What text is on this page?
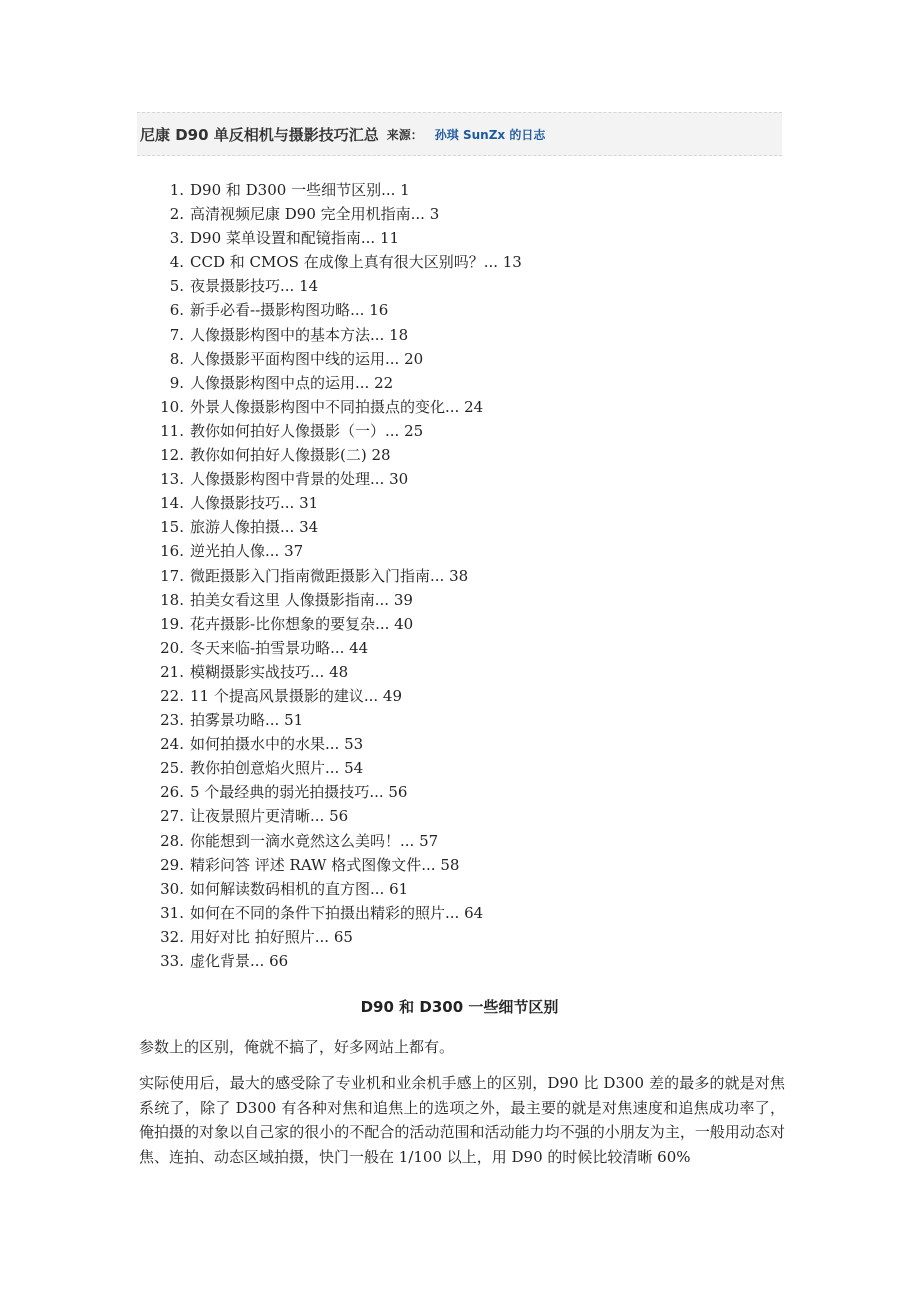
尼康 D90 单反相机与摄影技巧汇总 来源： 孙琪 SunZx 的日志
1. D90 和 D300 一些细节区别... 1
2. 高清视频尼康 D90 完全用机指南... 3
3. D90 菜单设置和配镜指南... 11
4. CCD 和 CMOS 在成像上真有很大区别吗？... 13
5. 夜景摄影技巧... 14
6. 新手必看--摄影构图功略... 16
7. 人像摄影构图中的基本方法... 18
8. 人像摄影平面构图中线的运用... 20
9. 人像摄影构图中点的运用... 22
10. 外景人像摄影构图中不同拍摄点的变化... 24
11. 教你如何拍好人像摄影（一）... 25
12. 教你如何拍好人像摄影(二) 28
13. 人像摄影构图中背景的处理... 30
14. 人像摄影技巧... 31
15. 旅游人像拍摄... 34
16. 逆光拍人像... 37
17. 微距摄影入门指南微距摄影入门指南... 38
18. 拍美女看这里 人像摄影指南... 39
19. 花卉摄影-比你想象的要复杂... 40
20. 冬天来临-拍雪景功略... 44
21. 模糊摄影实战技巧... 48
22. 11 个提高风景摄影的建议... 49
23. 拍雾景功略... 51
24. 如何拍摄水中的水果... 53
25. 教你拍创意焰火照片... 54
26. 5 个最经典的弱光拍摄技巧... 56
27. 让夜景照片更清晰... 56
28. 你能想到一滴水竟然这么美吗！... 57
29. 精彩问答 评述 RAW 格式图像文件... 58
30. 如何解读数码相机的直方图... 61
31. 如何在不同的条件下拍摄出精彩的照片... 64
32. 用好对比 拍好照片... 65
33. 虚化背景... 66
D90 和 D300 一些细节区别

参数上的区别，俺就不搞了，好多网站上都有。

实际使用后，最大的感受除了专业机和业余机手感上的区别，D90 比 D300 差的最多的就是对焦系统了，除了 D300 有各种对焦和追焦上的选项之外，最主要的就是对焦速度和追焦成功率了，俺拍摄的对象以自己家的很小的不配合的活动范围和活动能力均不强的小朋友为主，一般用动态对焦、连拍、动态区域拍摄，快门一般在 1/100 以上，用 D90 的时候比较清晰 60%
